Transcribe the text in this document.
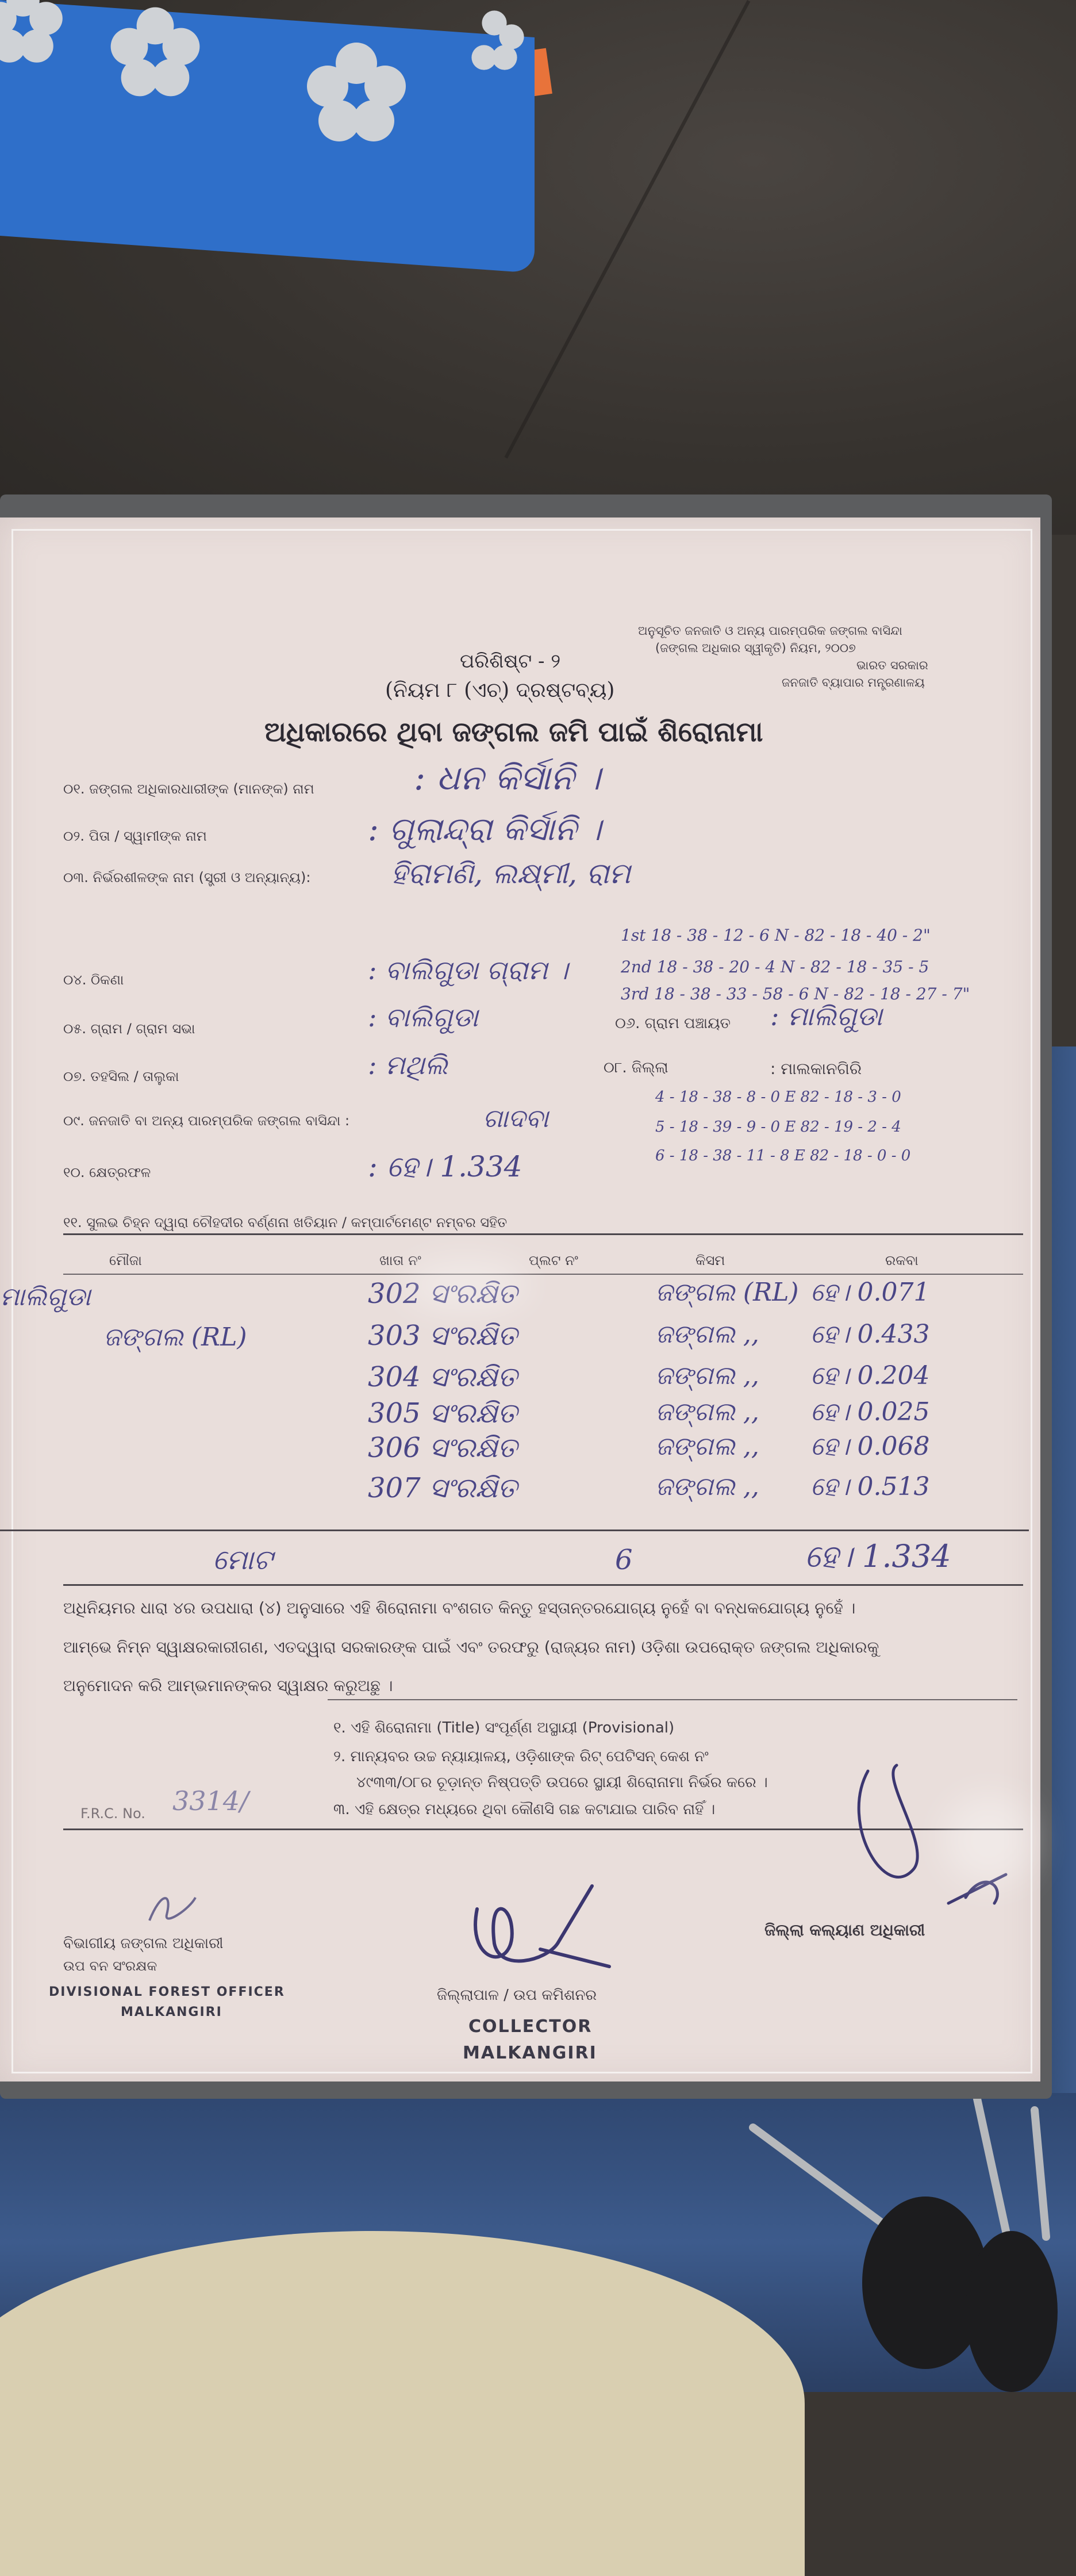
ଅନୁସୂଚିତ ଜନଜାତି ଓ ଅନ୍ୟ ପାରମ୍ପରିକ ଜଙ୍ଗଲ ବାସିନ୍ଦା
(ଜଙ୍ଗଲ ଅଧିକାର ସ୍ୱୀକୃତି) ନିୟମ, ୨୦୦୭
ଭାରତ ସରକାର
ଜନଜାତି ବ୍ୟାପାର ମନ୍ତ୍ରଣାଳୟ
ପରିଶିଷ୍ଟ - ୨
(ନିୟମ ୮ (ଏଚ୍) ଦ୍ରଷ୍ଟବ୍ୟ)
ଅଧିକାରରେ ଥିବା ଜଙ୍ଗଲ ଜମି ପାଇଁ ଶିରୋନାମା
୦୧. ଜଙ୍ଗଲ ଅଧିକାରଧାରୀଙ୍କ (ମାନଙ୍କ) ନାମ	: ଧନ କିର୍ସାନି ।
୦୨. ପିତା / ସ୍ୱାମୀଙ୍କ ନାମ	: ଗୁଲାନ୍ଦ୍ରା କିର୍ସାନି ।
୦୩. ନିର୍ଭରଶୀଳଙ୍କ ନାମ (ସ୍ତ୍ରୀ ଓ ଅନ୍ୟାନ୍ୟ):	ହିରାମଣି, ଲକ୍ଷ୍ମୀ, ରାମ
୦୪. ଠିକଣା	: ବାଲିଗୁଡା ଗ୍ରାମ ।
୦୫. ଗ୍ରାମ / ଗ୍ରାମ ସଭା	: ବାଲିଗୁଡା	୦୬. ଗ୍ରାମ ପଞ୍ଚାୟତ : ମାଲିଗୁଡା
୦୭. ତହସିଲ / ତାଲୁକା	: ମଥିଲି	୦୮. ଜିଲ୍ଲା	: ମାଲକାନଗିରି
୦୯. ଜନଜାତି ବା ଅନ୍ୟ ପାରମ୍ପରିକ ଜଙ୍ଗଲ ବାସିନ୍ଦା :	ଗାଦବା
୧୦. କ୍ଷେତ୍ରଫଳ	: ହେ। 1.334
1st 18 - 38 - 12 - 6 N - 82 - 18 - 40 - 2"
2nd 18 - 38 - 20 - 4 N - 82 - 18 - 35 - 5
3rd 18 - 38 - 33 - 58 - 6 N - 82 - 18 - 27 - 7"
4 - 18 - 38 - 8 - 0 E 82 - 18 - 3 - 0
5 - 18 - 39 - 9 - 0 E 82 - 19 - 2 - 4
6 - 18 - 38 - 11 - 8 E 82 - 18 - 0 - 0
୧୧. ସୁଲଭ ଚିହ୍ନ ଦ୍ୱାରା ଚୌହଦୀର ବର୍ଣ୍ଣନା ଖତିୟାନ / କମ୍ପାର୍ଟମେଣ୍ଟ ନମ୍ବର ସହିତ
ମୌଜା	ଖାତା ନଂ	ପ୍ଲଟ ନଂ	କିସମ	ରକବା
ମାଲିଗୁଡା
ଜଙ୍ଗଲ (RL)
302 ସଂରକ୍ଷିତ	ଜଙ୍ଗଲ (RL) ହେ। 0.071
303 ସଂରକ୍ଷିତ	ଜଙ୍ଗଲ ,, ହେ। 0.433
304 ସଂରକ୍ଷିତ	ଜଙ୍ଗଲ ,, ହେ। 0.204
305 ସଂରକ୍ଷିତ	ଜଙ୍ଗଲ ,, ହେ। 0.025
306 ସଂରକ୍ଷିତ	ଜଙ୍ଗଲ ,, ହେ। 0.068
307 ସଂରକ୍ଷିତ	ଜଙ୍ଗଲ ,, ହେ। 0.513
ମୋଟ	6	ହେ। 1.334
ଅଧିନିୟମର ଧାରା ୪ର ଉପଧାରା (୪) ଅନୁସାରେ ଏହି ଶିରୋନାମା ବଂଶଗତ କିନ୍ତୁ ହସ୍ତାନ୍ତରଯୋଗ୍ୟ ନୁହେଁ ବା ବନ୍ଧକଯୋଗ୍ୟ ନୁହେଁ ।
ଆମ୍ଭେ ନିମ୍ନ ସ୍ୱାକ୍ଷରକାରୀଗଣ, ଏତଦ୍ୱାରା ସରକାରଙ୍କ ପାଇଁ ଏବଂ ତରଫରୁ (ରାଜ୍ୟର ନାମ) ଓଡ଼ିଶା ଉପରୋକ୍ତ ଜଙ୍ଗଲ ଅଧିକାରକୁ
ଅନୁମୋଦନ କରି ଆମ୍ଭମାନଙ୍କର ସ୍ୱାକ୍ଷର କରୁଅଛୁ ।
୧. ଏହି ଶିରୋନାମା (Title) ସଂପୂର୍ଣ୍ଣ ଅସ୍ଥାୟୀ (Provisional)
୨. ମାନ୍ୟବର ଉଚ୍ଚ ନ୍ୟାୟାଳୟ, ଓଡ଼ିଶାଙ୍କ ରିଟ୍ ପେଟିସନ୍ କେଶ ନଂ
୪୯୩୩/୦୮ର ଚୂଡ଼ାନ୍ତ ନିଷ୍ପତ୍ତି ଉପରେ ସ୍ଥାୟୀ ଶିରୋନାମା ନିର୍ଭର କରେ ।
୩. ଏହି କ୍ଷେତ୍ର ମଧ୍ୟରେ ଥିବା କୌଣସି ଗଛ କଟାଯାଇ ପାରିବ ନାହିଁ ।
F.R.C. No. 3314/
ବିଭାଗୀୟ ଜଙ୍ଗଲ ଅଧିକାରୀ
ଉପ ବନ ସଂରକ୍ଷକ
DIVISIONAL FOREST OFFICER
MALKANGIRI
ଜିଲ୍ଲାପାଳ / ଉପ କମିଶନର
COLLECTOR
MALKANGIRI
ଜିଲ୍ଲା କଲ୍ୟାଣ ଅଧିକାରୀ
